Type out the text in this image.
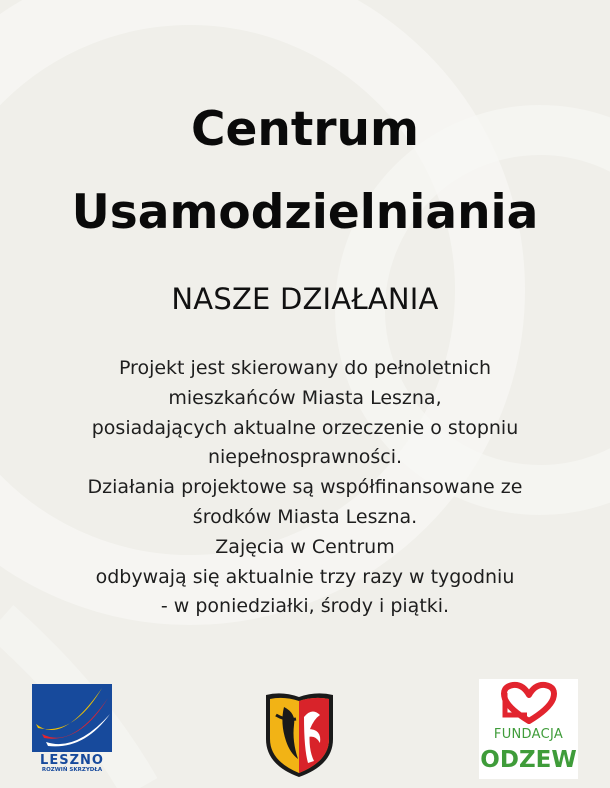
Centrum
Usamodzielniania
NASZE DZIAŁANIA
Projekt jest skierowany do pełnoletnich
mieszkańców Miasta Leszna,
posiadających aktualne orzeczenie o stopniu
niepełnosprawności.
Działania projektowe są współfinansowane ze
środków Miasta Leszna.
Zajęcia w Centrum
odbywają się aktualnie trzy razy w tygodniu
- w poniedziałki, środy i piątki.
LESZNO
ROZWIŃ SKRZYDŁA
FUNDACJA
ODZEW
